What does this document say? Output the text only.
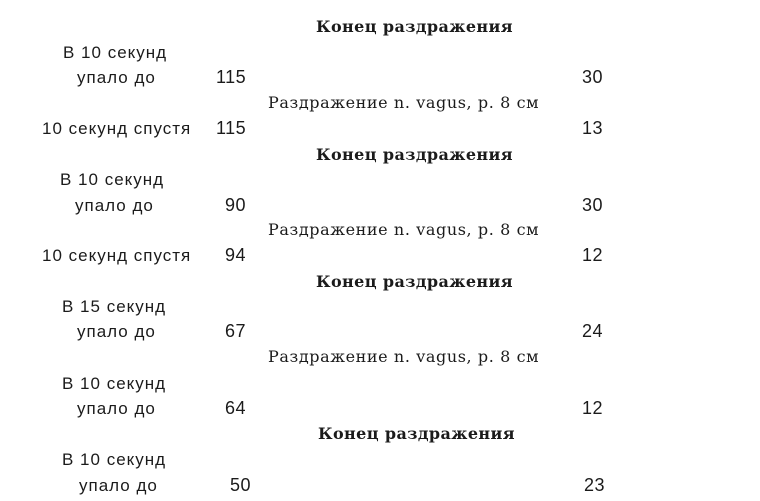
Конец раздражения
В 10 секунд
упало до	115	30
Раздражение n. vagus, р. 8 см
10 секунд спустя 115	13
Конец раздражения
В 10 секунд
упало до	90	30
Раздражение n. vagus, р. 8 см
10 секунд спустя 94	12
Конец раздражения
В 15 секунд
упало до	67	24
Раздражение n. vagus, р. 8 см
В 10 секунд
упало до	64	12
Конец раздражения
В 10 секунд
упало до	50	23
